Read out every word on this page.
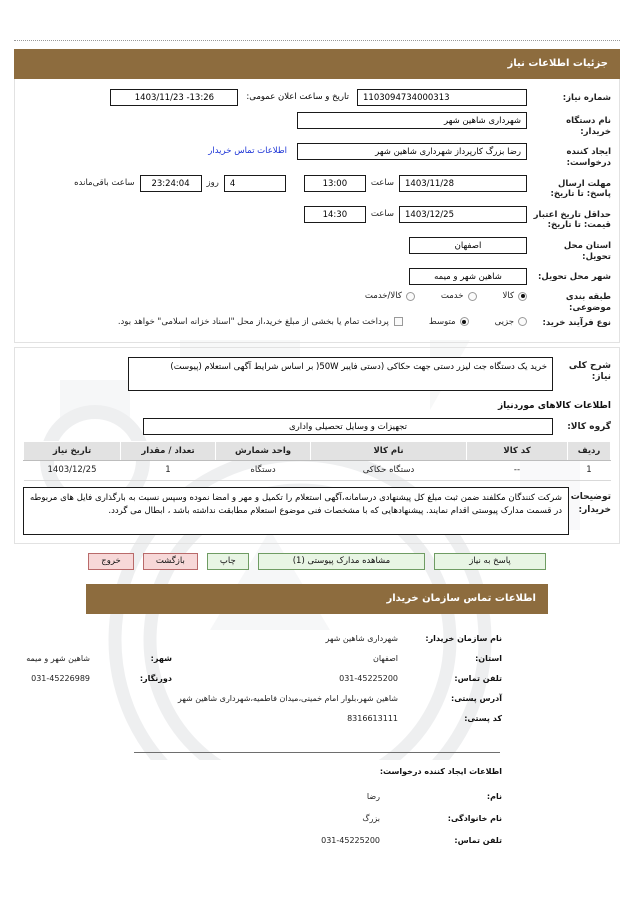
جزئیات اطلاعات نیاز
شماره نیاز:
1103094734000313
تاریخ و ساعت اعلان عمومی:
1403/11/23 -13:26
نام دستگاه خریدار:
شهرداری شاهین شهر
ایجاد کننده درخواست:
رضا بزرگ کارپرداز شهرداری شاهین شهر
اطلاعات تماس خریدار
مهلت ارسال پاسخ: تا تاریخ:
1403/11/28
ساعت
13:00
4
روز
23:24:04
ساعت باقی‌مانده
حداقل تاریخ اعتبار قیمت: تا تاریخ:
1403/12/25
ساعت
14:30
استان محل تحویل:
اصفهان
شهر محل تحویل:
شاهین شهر و میمه
طبقه بندی موضوعی:
کالا
خدمت
کالا/خدمت
نوع فرآیند خرید:
جزیی
متوسط
پرداخت تمام یا بخشی از مبلغ خرید،از محل "اسناد خزانه اسلامی" خواهد بود.
شرح کلی نیاز:
خرید یک دستگاه جت لیزر دستی جهت حکاکی (دستی فایبر 50W( بر اساس شرایط آگهی استعلام (پیوست)
اطلاعات کالاهای موردنیاز
گروه کالا:
تجهیزات و وسایل تحصیلی واداری
ردیف	کد کالا	نام کالا	واحد شمارش	تعداد / مقدار	تاریخ نیاز
1	--	دستگاه حکاکی	دستگاه	1	1403/12/25
توضیحات خریدار:
شرکت کنندگان مکلفند ضمن ثبت مبلغ کل پیشنهادی درسامانه،آگهی استعلام را تکمیل و مهر و امضا نموده وسپس نسبت به بارگذاری فایل های مربوطه در قسمت مدارک پیوستی اقدام نمایند. پیشنهادهایی که با مشخصات فنی موضوع استعلام مطابقت نداشته باشد ، ابطال می گردد.
پاسخ به نیاز
مشاهده مدارک پیوستی (1)
چاپ
بازگشت
خروج
اطلاعات تماس سازمان خریدار
نام سازمان خریدار:
شهرداری شاهین شهر
استان:
اصفهان
شهر:
شاهین شهر و میمه
تلفن تماس:
031-45225200
دورنگار:
031-45226989
آدرس پستی:
شاهین شهر،بلوار امام خمینی،میدان فاطمیه،شهرداری شاهین شهر
کد پستی:
8316613111
اطلاعات ایجاد کننده درخواست:
نام:
رضا
نام خانوادگی:
بزرگ
تلفن تماس:
031-45225200
